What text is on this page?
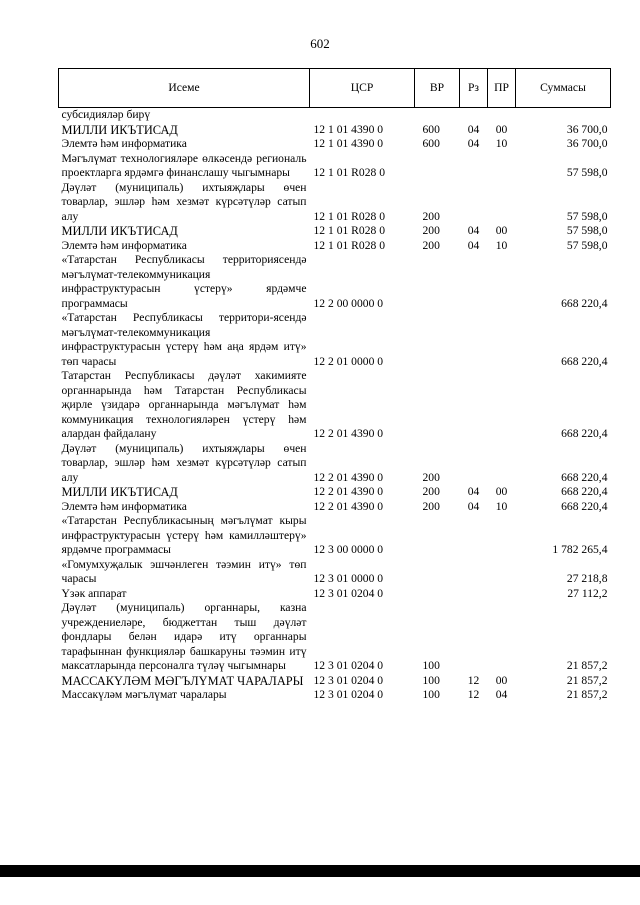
602
Исеме	ЦСР	ВР	Рз	ПР	Суммасы
субсидияләр бирү					
МИЛЛИ ИКЪТИСАД	12 1 01 4390 0	600	04	00	36 700,0
Элемтә һәм информатика	12 1 01 4390 0	600	04	10	36 700,0
Мәгълүмат технологияләре өлкәсендә региональ проектларга ярдәмгә финанслашу чыгымнары	12 1 01 R028 0				57 598,0
Дәүләт (муниципаль) ихтыяҗлары өчен товарлар, эшләр һәм хезмәт күрсәтүләр сатып алу	12 1 01 R028 0	200			57 598,0
МИЛЛИ ИКЪТИСАД	12 1 01 R028 0	200	04	00	57 598,0
Элемтә һәм информатика	12 1 01 R028 0	200	04	10	57 598,0
«Татарстан Республикасы территориясендә мәгълүмат-телекоммуникация инфраструктурасын үстерү» ярдәмче программасы	12 2 00 0000 0				668 220,4
«Татарстан Республикасы территори-ясендә мәгълүмат-телекоммуникация инфраструктурасын үстерү һәм аңа ярдәм итү» төп чарасы	12 2 01 0000 0				668 220,4
Татарстан Республикасы дәүләт хакимияте органнарында һәм Татарстан Республикасы җирле үзидарә органнарында мәгълүмат һәм коммуникация технологияләрен үстерү һәм алардан файдалану	12 2 01 4390 0				668 220,4
Дәүләт (муниципаль) ихтыяҗлары өчен товарлар, эшләр һәм хезмәт күрсәтүләр сатып алу	12 2 01 4390 0	200			668 220,4
МИЛЛИ ИКЪТИСАД	12 2 01 4390 0	200	04	00	668 220,4
Элемтә һәм информатика	12 2 01 4390 0	200	04	10	668 220,4
«Татарстан Республикасының мәгълүмат кыры инфраструктурасын үстерү һәм камилләштерү» ярдәмче программасы	12 3 00 0000 0				1 782 265,4
«Гомумхуҗалык эшчәнлеген тәэмин итү» төп чарасы	12 3 01 0000 0				27 218,8
Үзәк аппарат	12 3 01 0204 0				27 112,2
Дәүләт (муниципаль) органнары, казна учреждениеләре, бюджеттан тыш дәүләт фондлары белән идарә итү органнары тарафыннан функцияләр башкаруны тәэмин итү максатларында персоналга түләү чыгымнары	12 3 01 0204 0	100			21 857,2
МАССАКҮЛӘМ МӘГЪЛҮМАТ ЧАРАЛАРЫ	12 3 01 0204 0	100	12	00	21 857,2
Массакүләм мәгълүмат чаралары	12 3 01 0204 0	100	12	04	21 857,2
